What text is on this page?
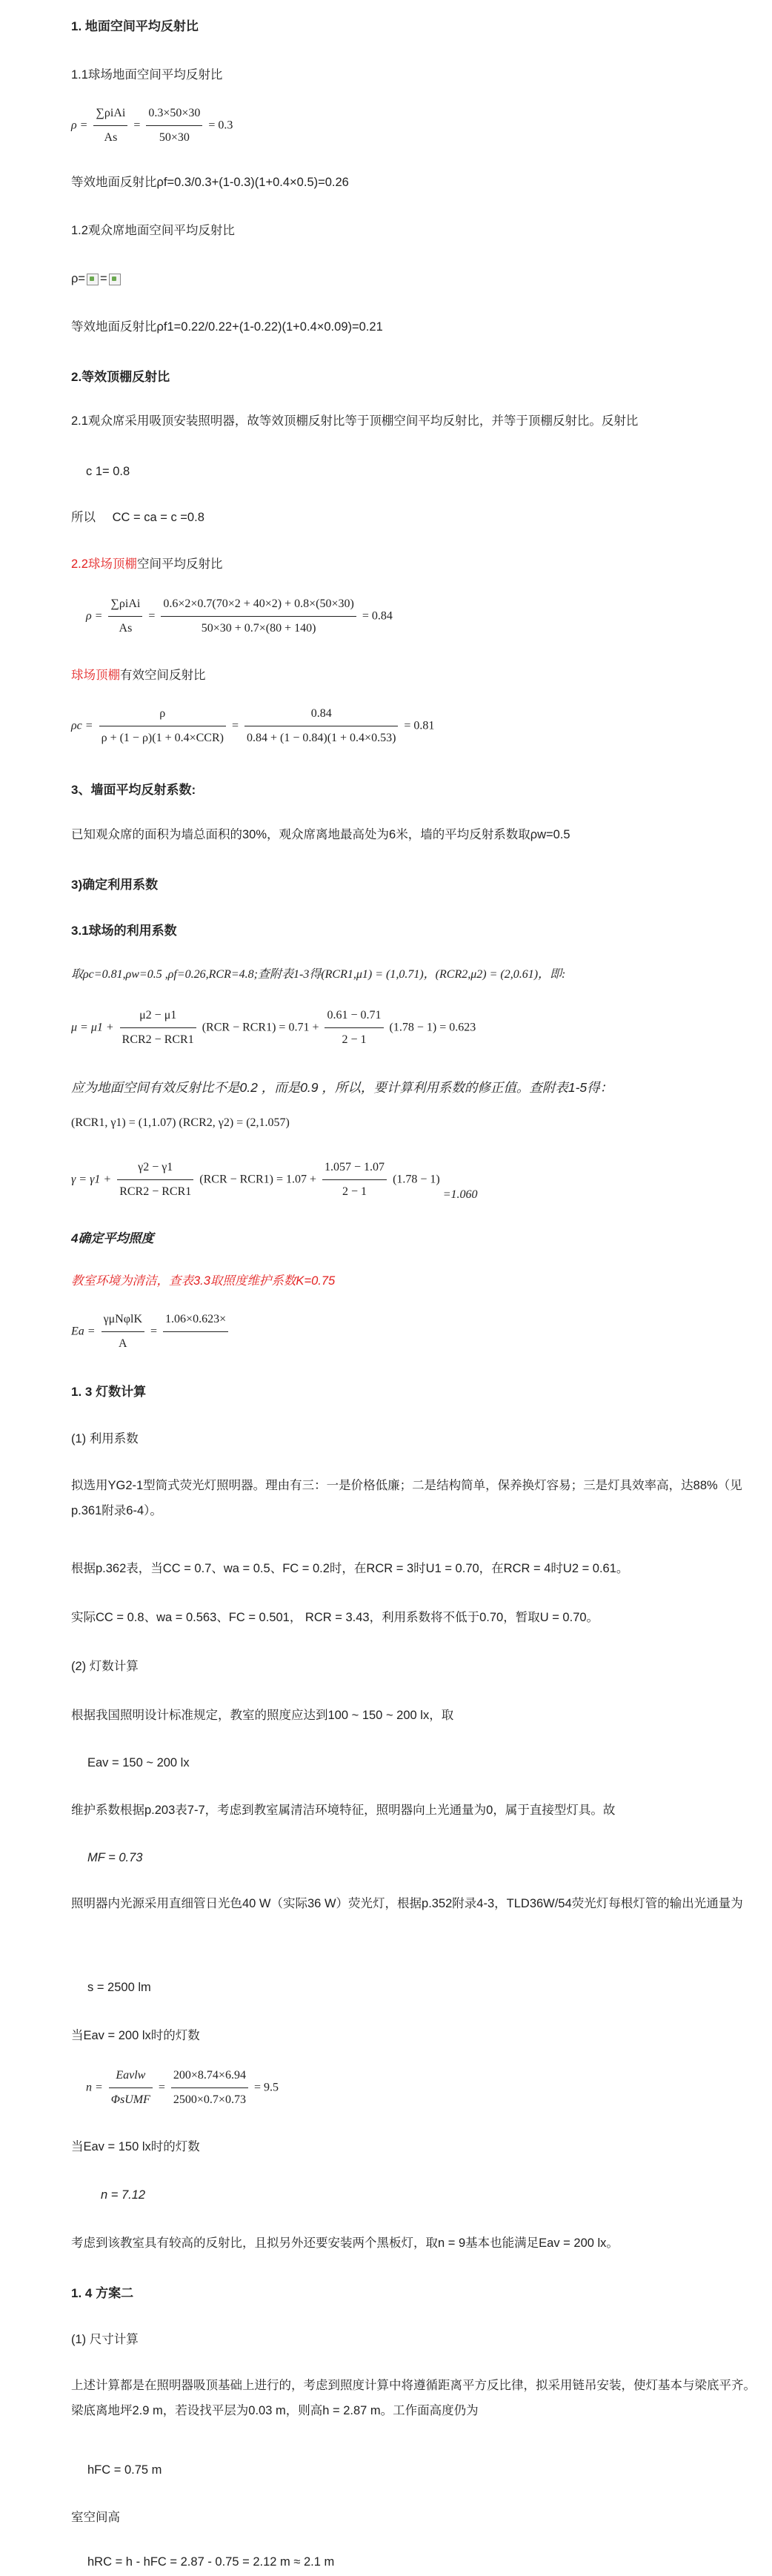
1. 地面空间平均反射比
1.1球场地面空间平均反射比
$\rho = \frac{\text{∑ρiAi}}{As} = \frac{0.3\times 50\times 30}{50\times 30} = 0.3$
等效地面反射比ρf=0.3/0.3+(1-0.3)(1+0.4×0.5)=0.26
1.2观众席地面空间平均反射比
ρ= =
等效地面反射比ρf1=0.22/0.22+(1-0.22)(1+0.4×0.09)=0.21
2.等效顶棚反射比
2.1观众席采用吸顶安装照明器，故等效顶棚反射比等于顶棚空间平均反射比，并等于顶棚反射比。反射比
c 1= 0.8
所以 CC = ca = c =0.8
2.2球场顶棚空间平均反射比
$\rho = \frac{\text{∑ρiAi}}{As} = \frac{0.6\times 2\times 0.7(70\times 2 + 40\times 2) + 0.8\times(50\times 30)}{50\times 30 + 0.7\times(80 + 140)} = 0.84$
球场顶棚有效空间反射比
$\rho c = \frac{\rho}{\text{ρ + (1 − ρ)(1 + 0.4×CCR)}} = \frac{0.84}{0.84 + (1 - 0.84)(1 + 0.4\times 0.53)} = 0.81$
3、墙面平均反射系数:
已知观众席的面积为墙总面积的30%，观众席离地最高处为6米，墙的平均反射系数取ρw=0.5
3)确定利用系数
3.1球场的利用系数
取ρc=0.81,ρw=0.5 ,ρf=0.26,RCR=4.8;查附表1-3得(RCR1,μ1) = (1,0.71)，(RCR2,μ2) = (2,0.61)，即:
$\mu = \mu 1 + \frac{\mu 2 - \mu 1}{\text{RCR2 − RCR1}} (RCR - RCR1) = 0.71 + \frac{0.61 - 0.71}{2 - 1} (1.78 - 1) = 0.623$
应为地面空间有效反射比不是0.2 ，而是0.9 ，所以，要计算利用系数的修正值。查附表1-5得：
(RCR1, γ1) = (1,1.07) (RCR2, γ2) = (2,1.057)
$\gamma = \gamma 1 + \frac{\gamma 2 - \gamma 1}{\text{RCR2 − RCR1}} (RCR - RCR1) = 1.07 + \frac{1.057 - 1.07}{2 - 1} (1.78 - 1) =1.060$
4确定平均照度
教室环境为清洁，查表3.3取照度维护系数K=0.75
$Ea = \frac{\text{γμNφlK}}{A}$ =
1.06×0.623×

1. 3 灯数计算
(1) 利用系数
拟选用YG2-1型筒式荧光灯照明器。理由有三：一是价格低廉；二是结构简单，保养换灯容易；三是灯具效率高，达88%（见p.361附录6-4）。
根据p.362表，当CC = 0.7、wa = 0.5、FC = 0.2时，在RCR = 3时U1 = 0.70，在RCR = 4时U2 = 0.61。
实际CC = 0.8、wa = 0.563、FC = 0.501， RCR = 3.43，利用系数将不低于0.70，暂取U = 0.70。
(2) 灯数计算
根据我国照明设计标准规定，教室的照度应达到100 ~ 150 ~ 200 lx，取
Eav = 150 ~ 200 lx
维护系数根据p.203表7-7，考虑到教室属清洁环境特征，照明器向上光通量为0，属于直接型灯具。故
MF = 0.73
照明器内光源采用直细管日光色40 W（实际36 W）荧光灯，根据p.352附录4-3，TLD36W/54荧光灯每根灯管的输出光通量为
s = 2500 lm
当Eav = 200 lx时的灯数
$n = \frac{\text{Eavlw}}{\text{ΦsUMF}} = \frac{200\times 8.74\times 6.94}{2500\times 0.7\times 0.73} = 9.5$
当Eav = 150 lx时的灯数
n = 7.12
考虑到该教室具有较高的反射比，且拟另外还要安装两个黑板灯，取n = 9基本也能满足Eav = 200 lx。
1. 4 方案二
(1) 尺寸计算
上述计算都是在照明器吸顶基础上进行的，考虑到照度计算中将遵循距离平方反比律，拟采用链吊安装，使灯基本与梁底平齐。梁底离地坪2.9 m，若设找平层为0.03 m，则高h = 2.87 m。工作面高度仍为
hFC = 0.75 m
室空间高
hRC = h - hFC = 2.87 - 0.75 = 2.12 m ≈ 2.1 m
